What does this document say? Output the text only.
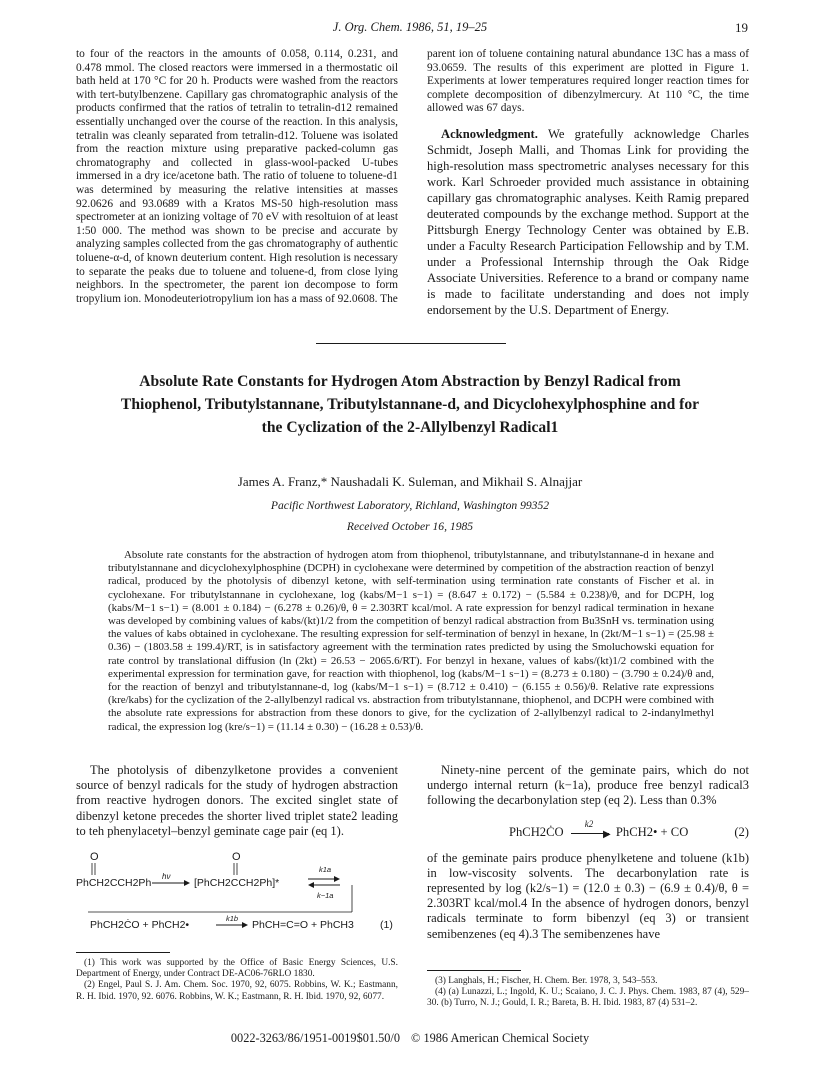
J. Org. Chem. 1986, 51, 19–25	19

to four of the reactors in the amounts of 0.058, 0.114, 0.231, and 0.478 mmol. The closed reactors were immersed in a thermostatic oil bath held at 170 °C for 20 h. Products were washed from the reactors with tert-butylbenzene. Capillary gas chromatographic analysis of the products confirmed that the ratios of tetralin to tetralin-d12 remained essentially unchanged over the course of the reaction. In this analysis, tetralin was cleanly separated from tetralin-d12. Toluene was isolated from the reaction mixture using preparative packed-column gas chromatography and collected in glass-wool-packed U-tubes immersed in a dry ice/acetone bath. The ratio of toluene to toluene-d1 was determined by measuring the relative intensities at masses 92.0626 and 93.0689 with a Kratos MS-50 high-resolution mass spectrometer at an ionizing voltage of 70 eV with resoltuion of at least 1:50 000. The method was shown to be precise and accurate by analyzing samples collected from the gas chromatography of authentic toluene-α-d, of known deuterium content. High resolution is necessary to separate the peaks due to toluene and toluene-d, from close lying neighbors. In the spectrometer, the parent ion decompose to form tropylium ion. Monodeuteriotropylium ion has a mass of 92.0608. The

parent ion of toluene containing natural abundance 13C has a mass of 93.0659. The results of this experiment are plotted in Figure 1. Experiments at lower temperatures required longer reaction times for complete decomposition of dibenzylmercury. At 110 °C, the time allowed was 67 days.

Acknowledgment. We gratefully acknowledge Charles Schmidt, Joseph Malli, and Thomas Link for providing the high-resolution mass spectrometric analyses necessary for this work. Karl Schroeder provided much assistance in obtaining capillary gas chromatographic analyses. Keith Ramig prepared deuterated compounds by the exchange method. Support at the Pittsburgh Energy Technology Center was obtained by E.B. under a Faculty Research Participation Fellowship and by T.M. under a Professional Internship through the Oak Ridge Associate Universities. Reference to a brand or company name is made to facilitate understanding and does not imply endorsement by the U.S. Department of Energy.

Absolute Rate Constants for Hydrogen Atom Abstraction by Benzyl Radical from Thiophenol, Tributylstannane, Tributylstannane-d, and Dicyclohexylphosphine and for the Cyclization of the 2-Allylbenzyl Radical1
James A. Franz,* Naushadali K. Suleman, and Mikhail S. Alnajjar
Pacific Northwest Laboratory, Richland, Washington 99352
Received October 16, 1985
Absolute rate constants for the abstraction of hydrogen atom from thiophenol, tributylstannane, and tributylstannane-d in hexane and tributylstannane and dicyclohexylphosphine (DCPH) in cyclohexane were determined by competition of the abstraction reaction of benzyl radical, produced by the photolysis of dibenzyl ketone, with self-termination using termination rate constants of Fischer et al. in cyclohexane. For tributylstannane in cyclohexane, log (kabs/M−1 s−1) = (8.647 ± 0.172) − (5.584 ± 0.238)/θ, and for DCPH, log (kabs/M−1 s−1) = (8.001 ± 0.184) − (6.278 ± 0.26)/θ, θ = 2.303RT kcal/mol. A rate expression for benzyl radical termination in hexane was developed by combining values of kabs/(kt)1/2 from the competition of benzyl radical abstraction from Bu3SnH vs. termination using the values of kabs obtained in cyclohexane. The resulting expression for self-termination of benzyl in hexane, ln (2kt/M−1 s−1) = (25.98 ± 0.36) − (1803.58 ± 199.4)/RT, is in satisfactory agreement with the termination rates predicted by using the Smoluchowski equation for rate control by translational diffusion (ln (2kt) = 26.53 − 2065.6/RT). For benzyl in hexane, values of kabs/(kt)1/2 combined with the experimental expression for termination gave, for reaction with thiophenol, log (kabs/M−1 s−1) = (8.273 ± 0.180) − (3.790 ± 0.24)/θ and, for the reaction of benzyl and tributylstannane-d, log (kabs/M−1 s−1) = (8.712 ± 0.410) − (6.155 ± 0.56)/θ. Relative rate expressions (kre/kabs) for the cyclization of the 2-allylbenzyl radical vs. abstraction from tributylstannane, thiophenol, and DCPH were combined with the absolute rate expressions for abstraction from these donors to give, for the cyclization of 2-allylbenzyl radical to 2-indanylmethyl radical, the expression log (kre/s−1) = (11.14 ± 0.30) − (16.28 ± 0.53)/θ.

The photolysis of dibenzylketone provides a convenient source of benzyl radicals for the study of hydrogen abstraction from reactive hydrogen donors. The excited singlet state of dibenzyl ketone precedes the shorter lived triplet state2 leading to teh phenylacetyl–benzyl geminate cage pair (eq 1).

O
PhCH2CCH2Ph
hν
O
[PhCH2CCH2Ph]*
k1a
k−1a
PhCH2ĊO + PhCH2•
k1b
PhCH=C=O + PhCH3 (1)

Ninety-nine percent of the geminate pairs, which do not undergo internal return (k−1a), produce free benzyl radical3 following the decarbonylation step (eq 2). Less than 0.3%

PhCH2ĊO
k2
▶ PhCH2• + CO	(2)

of the geminate pairs produce phenylketene and toluene (k1b) in low-viscosity solvents. The decarbonylation rate is represented by log (k2/s−1) = (12.0 ± 0.3) − (6.9 ± 0.4)/θ, θ = 2.303RT kcal/mol.4 In the absence of hydrogen donors, benzyl radicals terminate to form bibenzyl (eq 3) or transient semibenzenes (eq 4).3 The semibenzenes have

(1) This work was supported by the Office of Basic Energy Sciences, U.S. Department of Energy, under Contract DE-AC06-76RLO 1830.

(2) Engel, Paul S. J. Am. Chem. Soc. 1970, 92, 6075. Robbins, W. K.; Eastmann, R. H. Ibid. 1970, 92. 6076. Robbins, W. K.; Eastmann, R. H. Ibid. 1970, 92, 6077.

(3) Langhals, H.; Fischer, H. Chem. Ber. 1978, 3, 543–553.

(4) (a) Lunazzi, L.; Ingold, K. U.; Scaiano, J. C. J. Phys. Chem. 1983, 87 (4), 529–30. (b) Turro, N. J.; Gould, I. R.; Bareta, B. H. Ibid. 1983, 87 (4) 531–2.

0022-3263/86/1951-0019$01.50/0 © 1986 American Chemical Society
